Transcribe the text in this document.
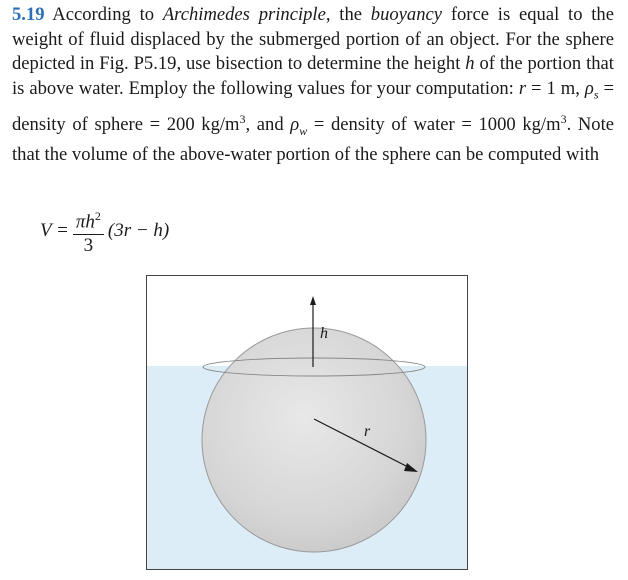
5.19 According to Archimedes principle, the buoyancy force is equal to the weight of fluid displaced by the submerged portion of an object. For the sphere depicted in Fig. P5.19, use bisection to determine the height h of the portion that is above water. Employ the following values for your computation: r = 1 m, $\rho_s$ = density of sphere = 200 $kg/m^3$, and $\rho_w$ = density of water = 1000 $kg/m^3$. Note that the volume of the above-water portion of the sphere can be computed with
$V = \frac{\pi h^2}{3} (3r - h)$
h
r
